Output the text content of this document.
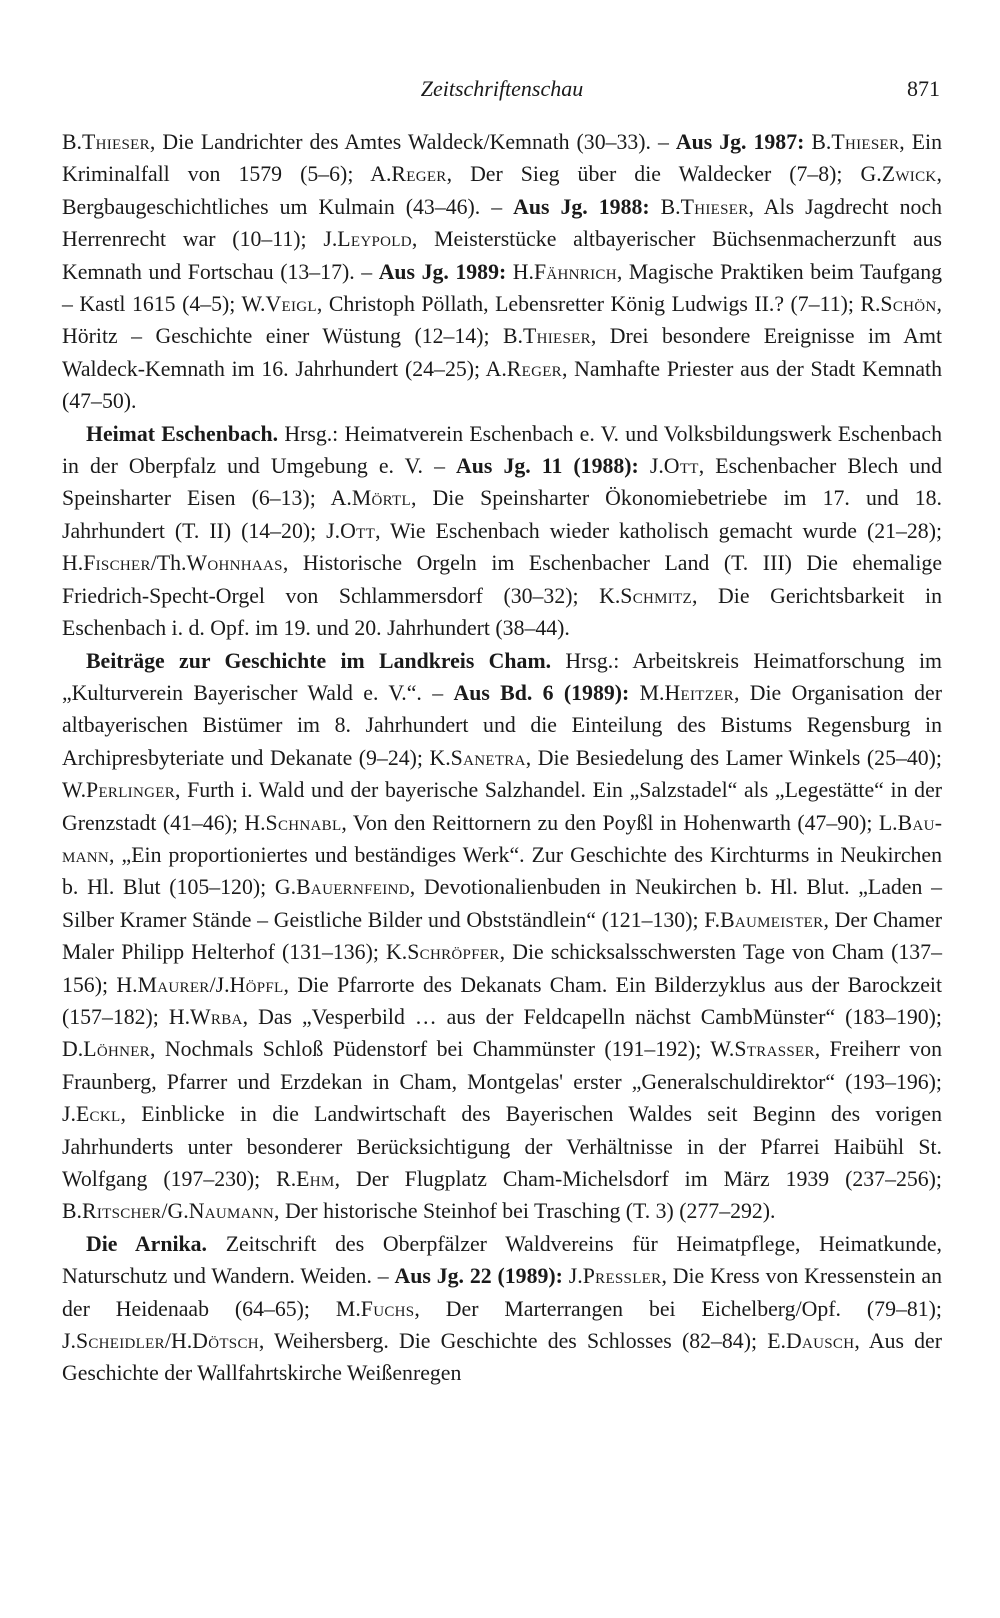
Zeitschriftenschau	871

B.Thieser, Die Landrichter des Amtes Waldeck/Kemnath (30–33). – Aus Jg. 1987: B.Thieser, Ein Kriminalfall von 1579 (5–6); A.Reger, Der Sieg über die Waldecker (7–8); G.Zwick, Bergbaugeschichtliches um Kulmain (43–46). – Aus Jg. 1988: B.Thieser, Als Jagdrecht noch Herrenrecht war (10–11); J.Leypold, Meisterstücke altbayerischer Büchsenmacherzunft aus Kemnath und Fortschau (13–17). – Aus Jg. 1989: H.Fähnrich, Magische Praktiken beim Taufgang – Kastl 1615 (4–5); W.Veigl, Christoph Pöllath, Lebensretter König Ludwigs II.? (7–11); R.Schön, Höritz – Geschichte einer Wüstung (12–14); B.Thieser, Drei besondere Ereignisse im Amt Waldeck-Kemnath im 16. Jahrhundert (24–25); A.Reger, Namhafte Priester aus der Stadt Kemnath (47–50).

Heimat Eschenbach. Hrsg.: Heimatverein Eschenbach e. V. und Volksbildungswerk Eschenbach in der Oberpfalz und Umgebung e. V. – Aus Jg. 11 (1988): J.Ott, Eschenbacher Blech und Speinsharter Eisen (6–13); A.Mörtl, Die Speinsharter Ökonomiebetriebe im 17. und 18. Jahrhundert (T. II) (14–20); J.Ott, Wie Eschenbach wieder katholisch gemacht wurde (21–28); H.Fischer/Th.Wohnhaas, Historische Orgeln im Eschenbacher Land (T. III) Die ehemalige Friedrich-Specht-Orgel von Schlammersdorf (30–32); K.Schmitz, Die Gerichtsbarkeit in Eschenbach i. d. Opf. im 19. und 20. Jahrhundert (38–44).

Beiträge zur Geschichte im Landkreis Cham. Hrsg.: Arbeitskreis Heimatforschung im „Kulturverein Bayerischer Wald e. V.“. – Aus Bd. 6 (1989): M.Heitzer, Die Organisation der altbayerischen Bistümer im 8. Jahrhundert und die Einteilung des Bistums Regensburg in Archipresbyteriate und Dekanate (9–24); K.Sanetra, Die Besiedelung des Lamer Winkels (25–40); W.Perlinger, Furth i. Wald und der bayerische Salzhandel. Ein „Salzstadel“ als „Legestätte“ in der Grenzstadt (41–46); H.Schnabl, Von den Reittornern zu den Poyßl in Hohenwarth (47–90); L.Baumann, „Ein proportioniertes und beständiges Werk“. Zur Geschichte des Kirchturms in Neukirchen b. Hl. Blut (105–120); G.Bauernfeind, Devotionalienbuden in Neukirchen b. Hl. Blut. „Laden – Silber Kramer Stände – Geistliche Bilder und Obstständlein“ (121–130); F.Baumeister, Der Chamer Maler Philipp Helterhof (131–136); K.Schröpfer, Die schicksalsschwersten Tage von Cham (137–156); H.Maurer/J.Höpfl, Die Pfarrorte des Dekanats Cham. Ein Bilderzyklus aus der Barockzeit (157–182); H.Wrba, Das „Vesperbild … aus der Feldcapelln nächst CambMünster“ (183–190); D.Löhner, Nochmals Schloß Püdenstorf bei Chammünster (191–192); W.Strasser, Freiherr von Fraunberg, Pfarrer und Erzdekan in Cham, Montgelas' erster „Generalschuldirektor“ (193–196); J.Eckl, Einblicke in die Landwirtschaft des Bayerischen Waldes seit Beginn des vorigen Jahrhunderts unter besonderer Berücksichtigung der Verhältnisse in der Pfarrei Haibühl St. Wolfgang (197–230); R.Ehm, Der Flugplatz Cham-Michelsdorf im März 1939 (237–256); B.Ritscher/G.Naumann, Der historische Steinhof bei Trasching (T. 3) (277–292).

Die Arnika. Zeitschrift des Oberpfälzer Waldvereins für Heimatpflege, Heimatkunde, Naturschutz und Wandern. Weiden. – Aus Jg. 22 (1989): J.Pressler, Die Kress von Kressenstein an der Heidenaab (64–65); M.Fuchs, Der Marterrangen bei Eichelberg/Opf. (79–81); J.Scheidler/H.Dötsch, Weihersberg. Die Geschichte des Schlosses (82–84); E.Dausch, Aus der Geschichte der Wallfahrtskirche Weißenregen
